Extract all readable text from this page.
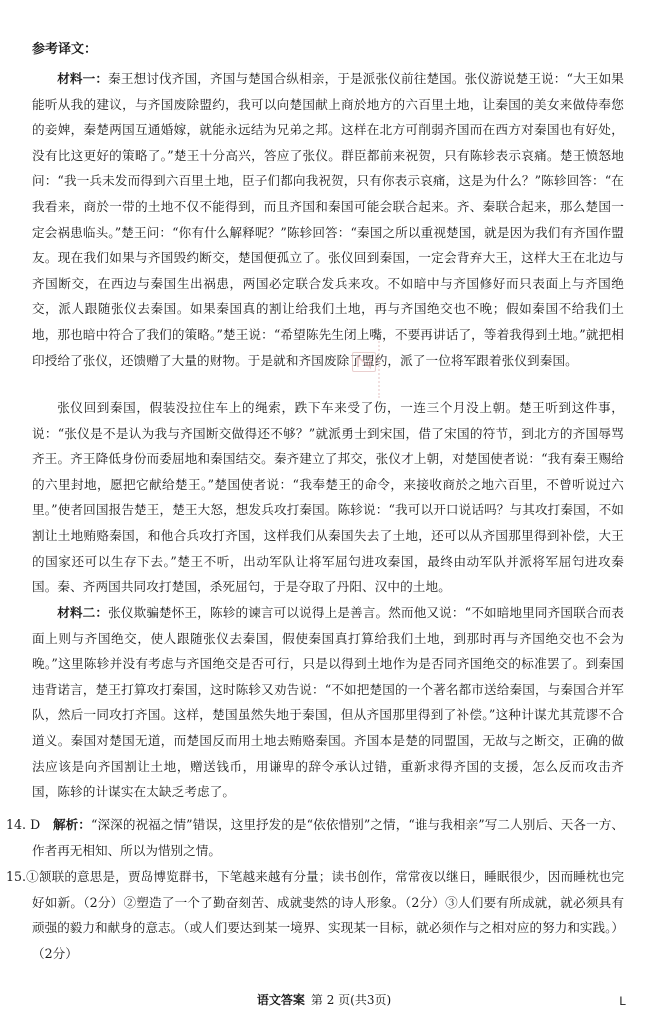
参考译文：

材料一：秦王想讨伐齐国，齐国与楚国合纵相亲，于是派张仪前往楚国。张仪游说楚王说：“大王如果能听从我的建议，与齐国废除盟约，我可以向楚国献上商於地方的六百里土地，让秦国的美女来做侍奉您的妾婢，秦楚两国互通婚嫁，就能永远结为兄弟之邦。这样在北方可削弱齐国而在西方对秦国也有好处，没有比这更好的策略了。”楚王十分高兴，答应了张仪。群臣都前来祝贺，只有陈轸表示哀痛。楚王愤怒地问：“我一兵未发而得到六百里土地，臣子们都向我祝贺，只有你表示哀痛，这是为什么？”陈轸回答：“在我看来，商於一带的土地不仅不能得到，而且齐国和秦国可能会联合起来。齐、秦联合起来，那么楚国一定会祸患临头。”楚王问：“你有什么解释呢？”陈轸回答：“秦国之所以重视楚国，就是因为我们有齐国作盟友。现在我们如果与齐国毁约断交，楚国便孤立了。张仪回到秦国，一定会背弃大王，这样大王在北边与齐国断交，在西边与秦国生出祸患，两国必定联合发兵来攻。不如暗中与齐国修好而只表面上与齐国绝交，派人跟随张仪去秦国。如果秦国真的割让给我们土地，再与齐国绝交也不晚；假如秦国不给我们土地，那也暗中符合了我们的策略。”楚王说：“希望陈先生闭上嘴，不要再讲话了，等着我得到土地。”就把相印授给了张仪，还馈赠了大量的财物。于是就和齐国废除了盟约，派了一位将军跟着张仪到秦国。

张仪回到秦国，假装没拉住车上的绳索，跌下车来受了伤，一连三个月没上朝。楚王听到这件事，说：“张仪是不是认为我与齐国断交做得还不够？”就派勇士到宋国，借了宋国的符节，到北方的齐国辱骂齐王。齐王降低身份而委屈地和秦国结交。秦齐建立了邦交，张仪才上朝，对楚国使者说：“我有秦王赐给的六里封地，愿把它献给楚王。”楚国使者说：“我奉楚王的命令，来接收商於之地六百里，不曾听说过六里。”使者回国报告楚王，楚王大怒，想发兵攻打秦国。陈轸说：“我可以开口说话吗？与其攻打秦国，不如割让土地贿赂秦国，和他合兵攻打齐国，这样我们从秦国失去了土地，还可以从齐国那里得到补偿，大王的国家还可以生存下去。”楚王不听，出动军队让将军屈匄进攻秦国，最终由动军队并派将军屈匄进攻秦国。秦、齐两国共同攻打楚国，杀死屈匄，于是夺取了丹阳、汉中的土地。

材料二：张仪欺骗楚怀王，陈轸的谏言可以说得上是善言。然而他又说：“不如暗地里同齐国联合而表面上则与齐国绝交，使人跟随张仪去秦国，假使秦国真打算给我们土地，到那时再与齐国绝交也不会为晚。”这里陈轸并没有考虑与齐国绝交是否可行，只是以得到土地作为是否同齐国绝交的标准罢了。到秦国违背诺言，楚王打算攻打秦国，这时陈轸又劝告说：“不如把楚国的一个著名都市送给秦国，与秦国合并军队，然后一同攻打齐国。这样，楚国虽然失地于秦国，但从齐国那里得到了补偿。”这种计谋尤其荒谬不合道义。秦国对楚国无道，而楚国反而用土地去贿赂秦国。齐国本是楚的同盟国，无故与之断交，正确的做法应该是向齐国割让土地，赠送钱币，用谦卑的辞令承认过错，重新求得齐国的支援，怎么反而攻击齐国，陈轸的计谋实在太缺乏考虑了。

14. D　 解析：“深深的祝福之情”错误，这里抒发的是“依依惜别”之情，“谁与我相亲”写二人别后、天各一方、作者再无相知、所以为惜别之情。

15.①颔联的意思是，贾岛博览群书，下笔越来越有分量；读书创作，常常夜以继日，睡眠很少，因而睡枕也完好如新。（2分）②塑造了一个了勤奋刻苦、成就斐然的诗人形象。（2分）③人们要有所成就，就必须具有顽强的毅力和献身的意志。（或人们要达到某一境界、实现某一目标，就必须作与之相对应的努力和实践。）（2分）

语文答案 第 2 页(共3页)	L
